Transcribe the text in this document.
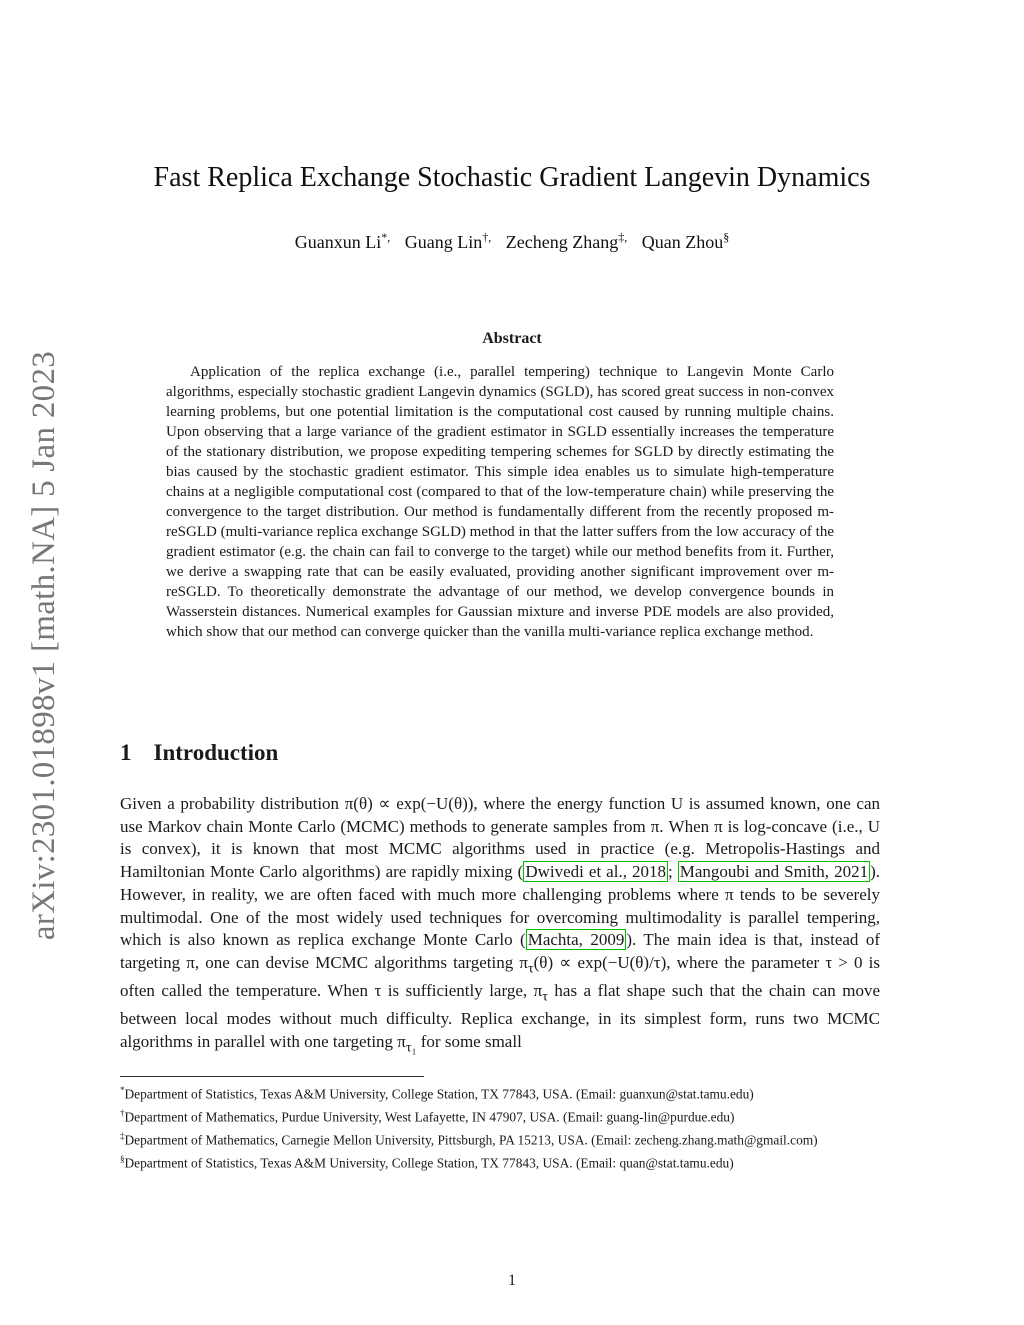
arXiv:2301.01898v1 [math.NA] 5 Jan 2023
Fast Replica Exchange Stochastic Gradient Langevin Dynamics
Guanxun Li*, Guang Lin†, Zecheng Zhang‡, Quan Zhou§
Abstract

Application of the replica exchange (i.e., parallel tempering) technique to Langevin Monte Carlo algorithms, especially stochastic gradient Langevin dynamics (SGLD), has scored great success in non-convex learning problems, but one potential limitation is the computational cost caused by running multiple chains. Upon observing that a large variance of the gradient estimator in SGLD essentially increases the temperature of the stationary distribution, we propose expediting tempering schemes for SGLD by directly estimating the bias caused by the stochastic gradient estimator. This simple idea enables us to simulate high-temperature chains at a negligible computational cost (compared to that of the low-temperature chain) while preserving the convergence to the target distribution. Our method is fundamentally different from the recently proposed m-reSGLD (multi-variance replica exchange SGLD) method in that the latter suffers from the low accuracy of the gradient estimator (e.g. the chain can fail to converge to the target) while our method benefits from it. Further, we derive a swapping rate that can be easily evaluated, providing another significant improvement over m-reSGLD. To theoretically demonstrate the advantage of our method, we develop convergence bounds in Wasserstein distances. Numerical examples for Gaussian mixture and inverse PDE models are also provided, which show that our method can converge quicker than the vanilla multi-variance replica exchange method.

1 Introduction

Given a probability distribution π(θ) ∝ exp(−U(θ)), where the energy function U is assumed known, one can use Markov chain Monte Carlo (MCMC) methods to generate samples from π. When π is log-concave (i.e., U is convex), it is known that most MCMC algorithms used in practice (e.g. Metropolis-Hastings and Hamiltonian Monte Carlo algorithms) are rapidly mixing ( Dwivedi et al., 2018 ; Mangoubi and Smith, 2021 ). However, in reality, we are often faced with much more challenging problems where π tends to be severely multimodal. One of the most widely used techniques for overcoming multimodality is parallel tempering, which is also known as replica exchange Monte Carlo ( Machta, 2009 ). The main idea is that, instead of targeting π, one can devise MCMC algorithms targeting $\pi_\tau(\theta) \propto \exp(-U(\theta)/\tau)$, where the parameter τ > 0 is often called the temperature. When τ is sufficiently large, $\pi_\tau$ has a flat shape such that the chain can move between local modes without much difficulty. Replica exchange, in its simplest form, runs two MCMC algorithms in parallel with one targeting $\pi_{\tau_1}$ for some small

*Department of Statistics, Texas A&M University, College Station, TX 77843, USA. (Email: guanxun@stat.tamu.edu)

†Department of Mathematics, Purdue University, West Lafayette, IN 47907, USA. (Email: guang-lin@purdue.edu)

‡Department of Mathematics, Carnegie Mellon University, Pittsburgh, PA 15213, USA. (Email: zecheng.zhang.math@gmail.com)

§Department of Statistics, Texas A&M University, College Station, TX 77843, USA. (Email: quan@stat.tamu.edu)

1
